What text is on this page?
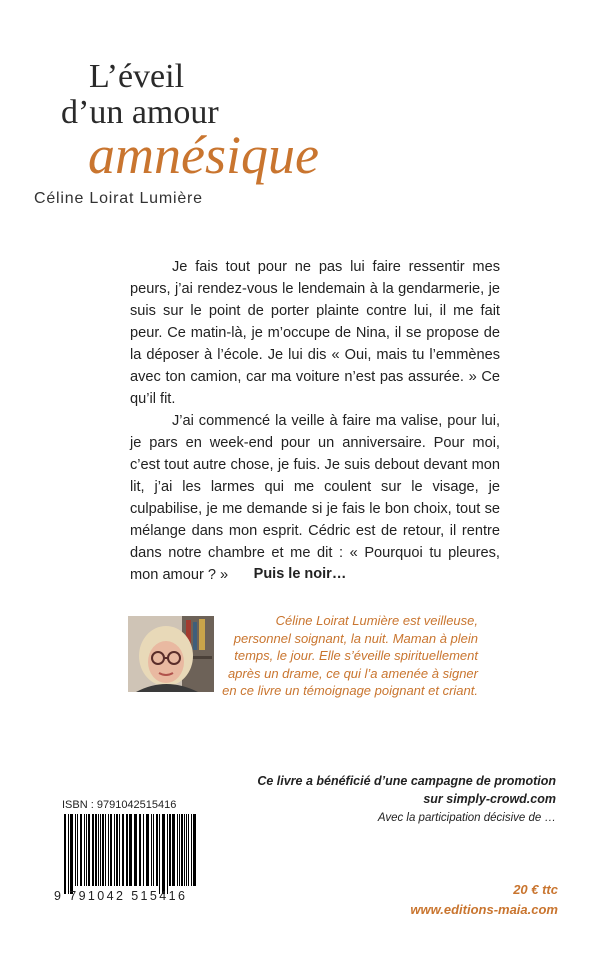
L’éveil
d’un amour
amnésique
Céline Loirat Lumière

Je fais tout pour ne pas lui faire ressentir mes peurs, j’ai rendez-vous le lendemain à la gendarmerie, je suis sur le point de porter plainte contre lui, il me fait peur. Ce matin-là, je m’occupe de Nina, il se propose de la déposer à l’école. Je lui dis « Oui, mais tu l’emmènes avec ton camion, car ma voiture n’est pas assurée. » Ce qu’il fit.

J’ai commencé la veille à faire ma valise, pour lui, je pars en week-end pour un anniversaire. Pour moi, c’est tout autre chose, je fuis. Je suis debout devant mon lit, j’ai les larmes qui me coulent sur le visage, je culpabilise, je me demande si je fais le bon choix, tout se mélange dans mon esprit. Cédric est de retour, il rentre dans notre chambre et me dit : « Pourquoi tu pleures, mon amour ? »	Puis le noir…
Céline Loirat Lumière est veilleuse, personnel soignant, la nuit. Maman à plein temps, le jour. Elle s’éveille spirituellement après un drame, ce qui l’a amenée à signer en ce livre un témoignage poignant et criant.
Ce livre a bénéficié d’une campagne de promotion
sur simply-crowd.com
Avec la participation décisive de …
ISBN : 9791042515416
9 791042 515416	20 € ttc
www.editions-maia.com
